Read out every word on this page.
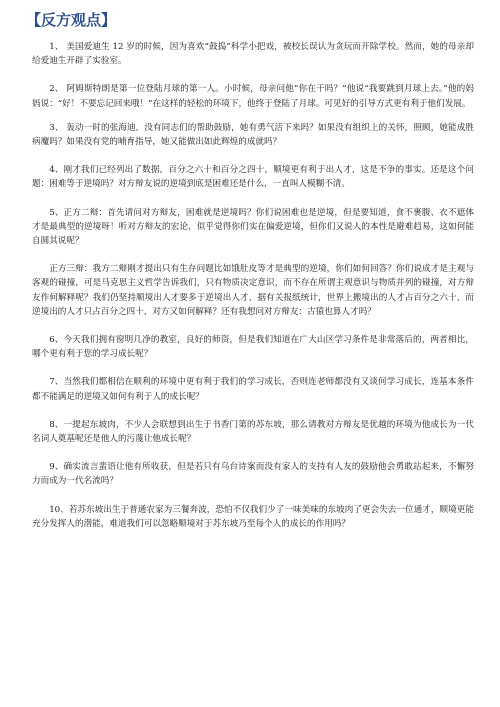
【反方观点】

1、 美国爱迪生 12 岁的时候，因为喜欢“鼓捣”科学小把戏，被校长误认为贪玩而开除学校。然而，她的母亲却给爱迪生开辟了实验室。

2、 阿姆斯特朗是第一位登陆月球的第一人。小时候，母亲问他“你在干吗？”他说“我要跳到月球上去。”他的妈妈说：“好！不要忘记回来哦！”在这样的轻松的环境下，他终于登陆了月球。可见好的引导方式更有利于他们发展。

3、 轰动一时的张海迪，没有同志们的帮助鼓励，她有勇气活下来吗？如果没有组织上的关怀，照顾，她能成胜病魔吗？如果没有党的哺育指导，她又能做出如此辉煌的成就吗？

4、刚才我们已经列出了数据，百分之六十和百分之四十，顺境更有利于出人才，这是不争的事实。还是这个问题：困难等于逆境吗？对方辩友说的逆境到底是困难还是什么，一直叫人模糊不清。

5、正方二辩：首先请问对方辩友，困难就是逆境吗？你们说困难也是逆境，但是要知道，食不裹腹、衣不遮体才是最典型的逆境呀！听对方辩友的宏论，似乎觉得你们实在偏爱逆境，但你们又说人的本性是避难趋易，这如何能自圆其说呢？

正方三辩：我方二辩刚才提出只有生存问题比如饿肚皮等才是典型的逆境，你们如何回答？你们说成才是主观与客观的碰撞，可是马克思主义哲学告诉我们，只有物质决定意识，而不存在所谓主观意识与物质并列的碰撞，对方辩友作何解释呢？我们仍坚持顺境出人才要多于逆境出人才，据有关报纸统计，世界上搬境出的人才占百分之六十，而逆境出的人才只占百分之四十，对方又如何解释？还有我想问对方辩友：古猿也算人才吗？

6、今天我们拥有窗明几净的教室，良好的师资，但是我们知道在广大山区学习条件是非常落后的，两者相比，哪个更有利于您的学习成长呢？

7、当然我们都相信在顺利的环境中更有利于我们的学习成长，否则连老师都没有又谈何学习成长，连基本条件都不能满足的逆境又如何有利于人的成长呢？

8、一提起东坡肉，不少人会联想到出生于书香门第的苏东坡，那么请教对方辩友是优越的环境为他成长为一代名词人奠基呢还是他人的污蔑让他成长呢？

9、确实流言蜚语让他有所收获，但是若只有乌台诗案而没有家人的支持有人友的鼓励他会勇敢站起来，不懈努力而成为一代名流吗？

10、若苏东坡出生于普通农家为三餐奔波，恐怕不仅我们少了一味美味的东坡肉了更会失去一位通才，顺境更能充分发挥人的潜能，难道我们可以忽略顺境对于苏东坡乃至每个人的成长的作用吗？
